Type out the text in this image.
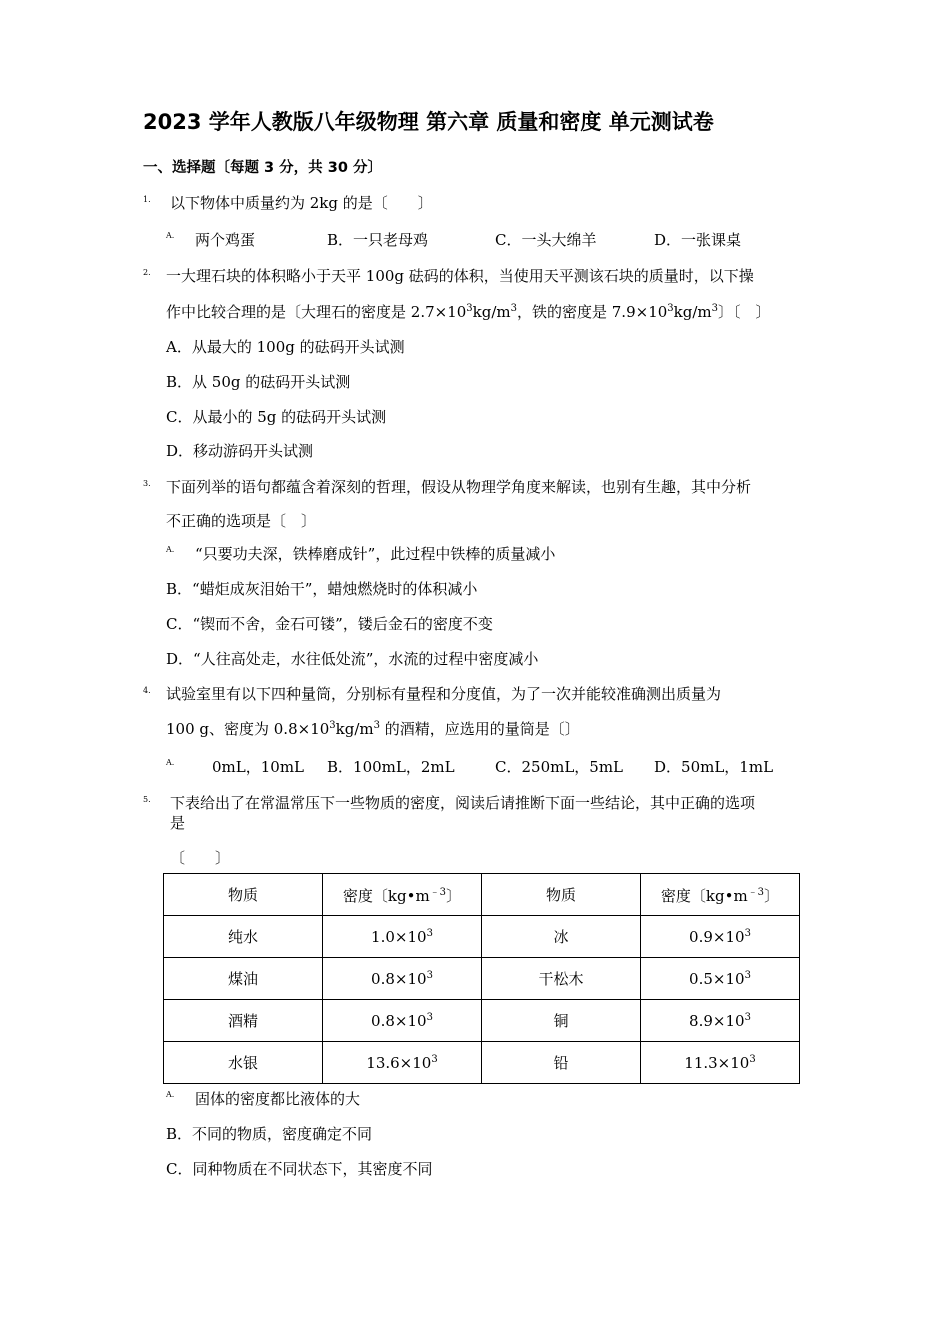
2023 学年人教版八年级物理 第六章 质量和密度 单元测试卷
一、选择题〔每题 3 分，共 30 分〕
1. 以下物体中质量约为 2kg 的是〔　　〕
A. 两个鸡蛋	B．一只老母鸡	C．一头大绵羊	D．一张课桌
2. 一大理石块的体积略小于天平 100g 砝码的体积，当使用天平测该石块的质量时，以下操
作中比较合理的是〔大理石的密度是 $2.7\times 10^3kg/m^3$，铁的密度是 $7.9\times 10^3kg/m^3$〕〔　〕
A．从最大的 100g 的砝码开头试测
B．从 50g 的砝码开头试测
C．从最小的 5g 的砝码开头试测
D．移动游码开头试测
3. 下面列举的语句都蕴含着深刻的哲理，假设从物理学角度来解读，也别有生趣，其中分析
不正确的选项是〔　〕
A. “只要功夫深，铁棒磨成针”，此过程中铁棒的质量减小
B．“蜡炬成灰泪始干”，蜡烛燃烧时的体积减小
C．“锲而不舍，金石可镂”，镂后金石的密度不变
D．“人往高处走，水往低处流”，水流的过程中密度减小
4. 试验室里有以下四种量筒，分别标有量程和分度值，为了一次并能较准确测出质量为
100 g、密度为 $0.8\times 10^3kg/m^3$ 的酒精，应选用的量筒是〔〕
A.	0mL，10mL B．100mL，2mL	C．250mL，5mL D．50mL，1mL
5. 下表给出了在常温常压下一些物质的密度，阅读后请推断下面一些结论，其中正确的选项
是
〔　　〕
物质	密度〔$kg•m^{﹣3}$〕	物质	密度〔$kg•m^{﹣3}$〕
纯水	$1.0\times 10^3$	冰	$0.9\times 10^3$
煤油	$0.8\times 10^3$	干松木	$0.5\times 10^3$
酒精	$0.8\times 10^3$	铜	$8.9\times 10^3$
水银	$13.6\times 10^3$	铅	$11.3\times 10^3$
A. 固体的密度都比液体的大
B．不同的物质，密度确定不同
C．同种物质在不同状态下，其密度不同
